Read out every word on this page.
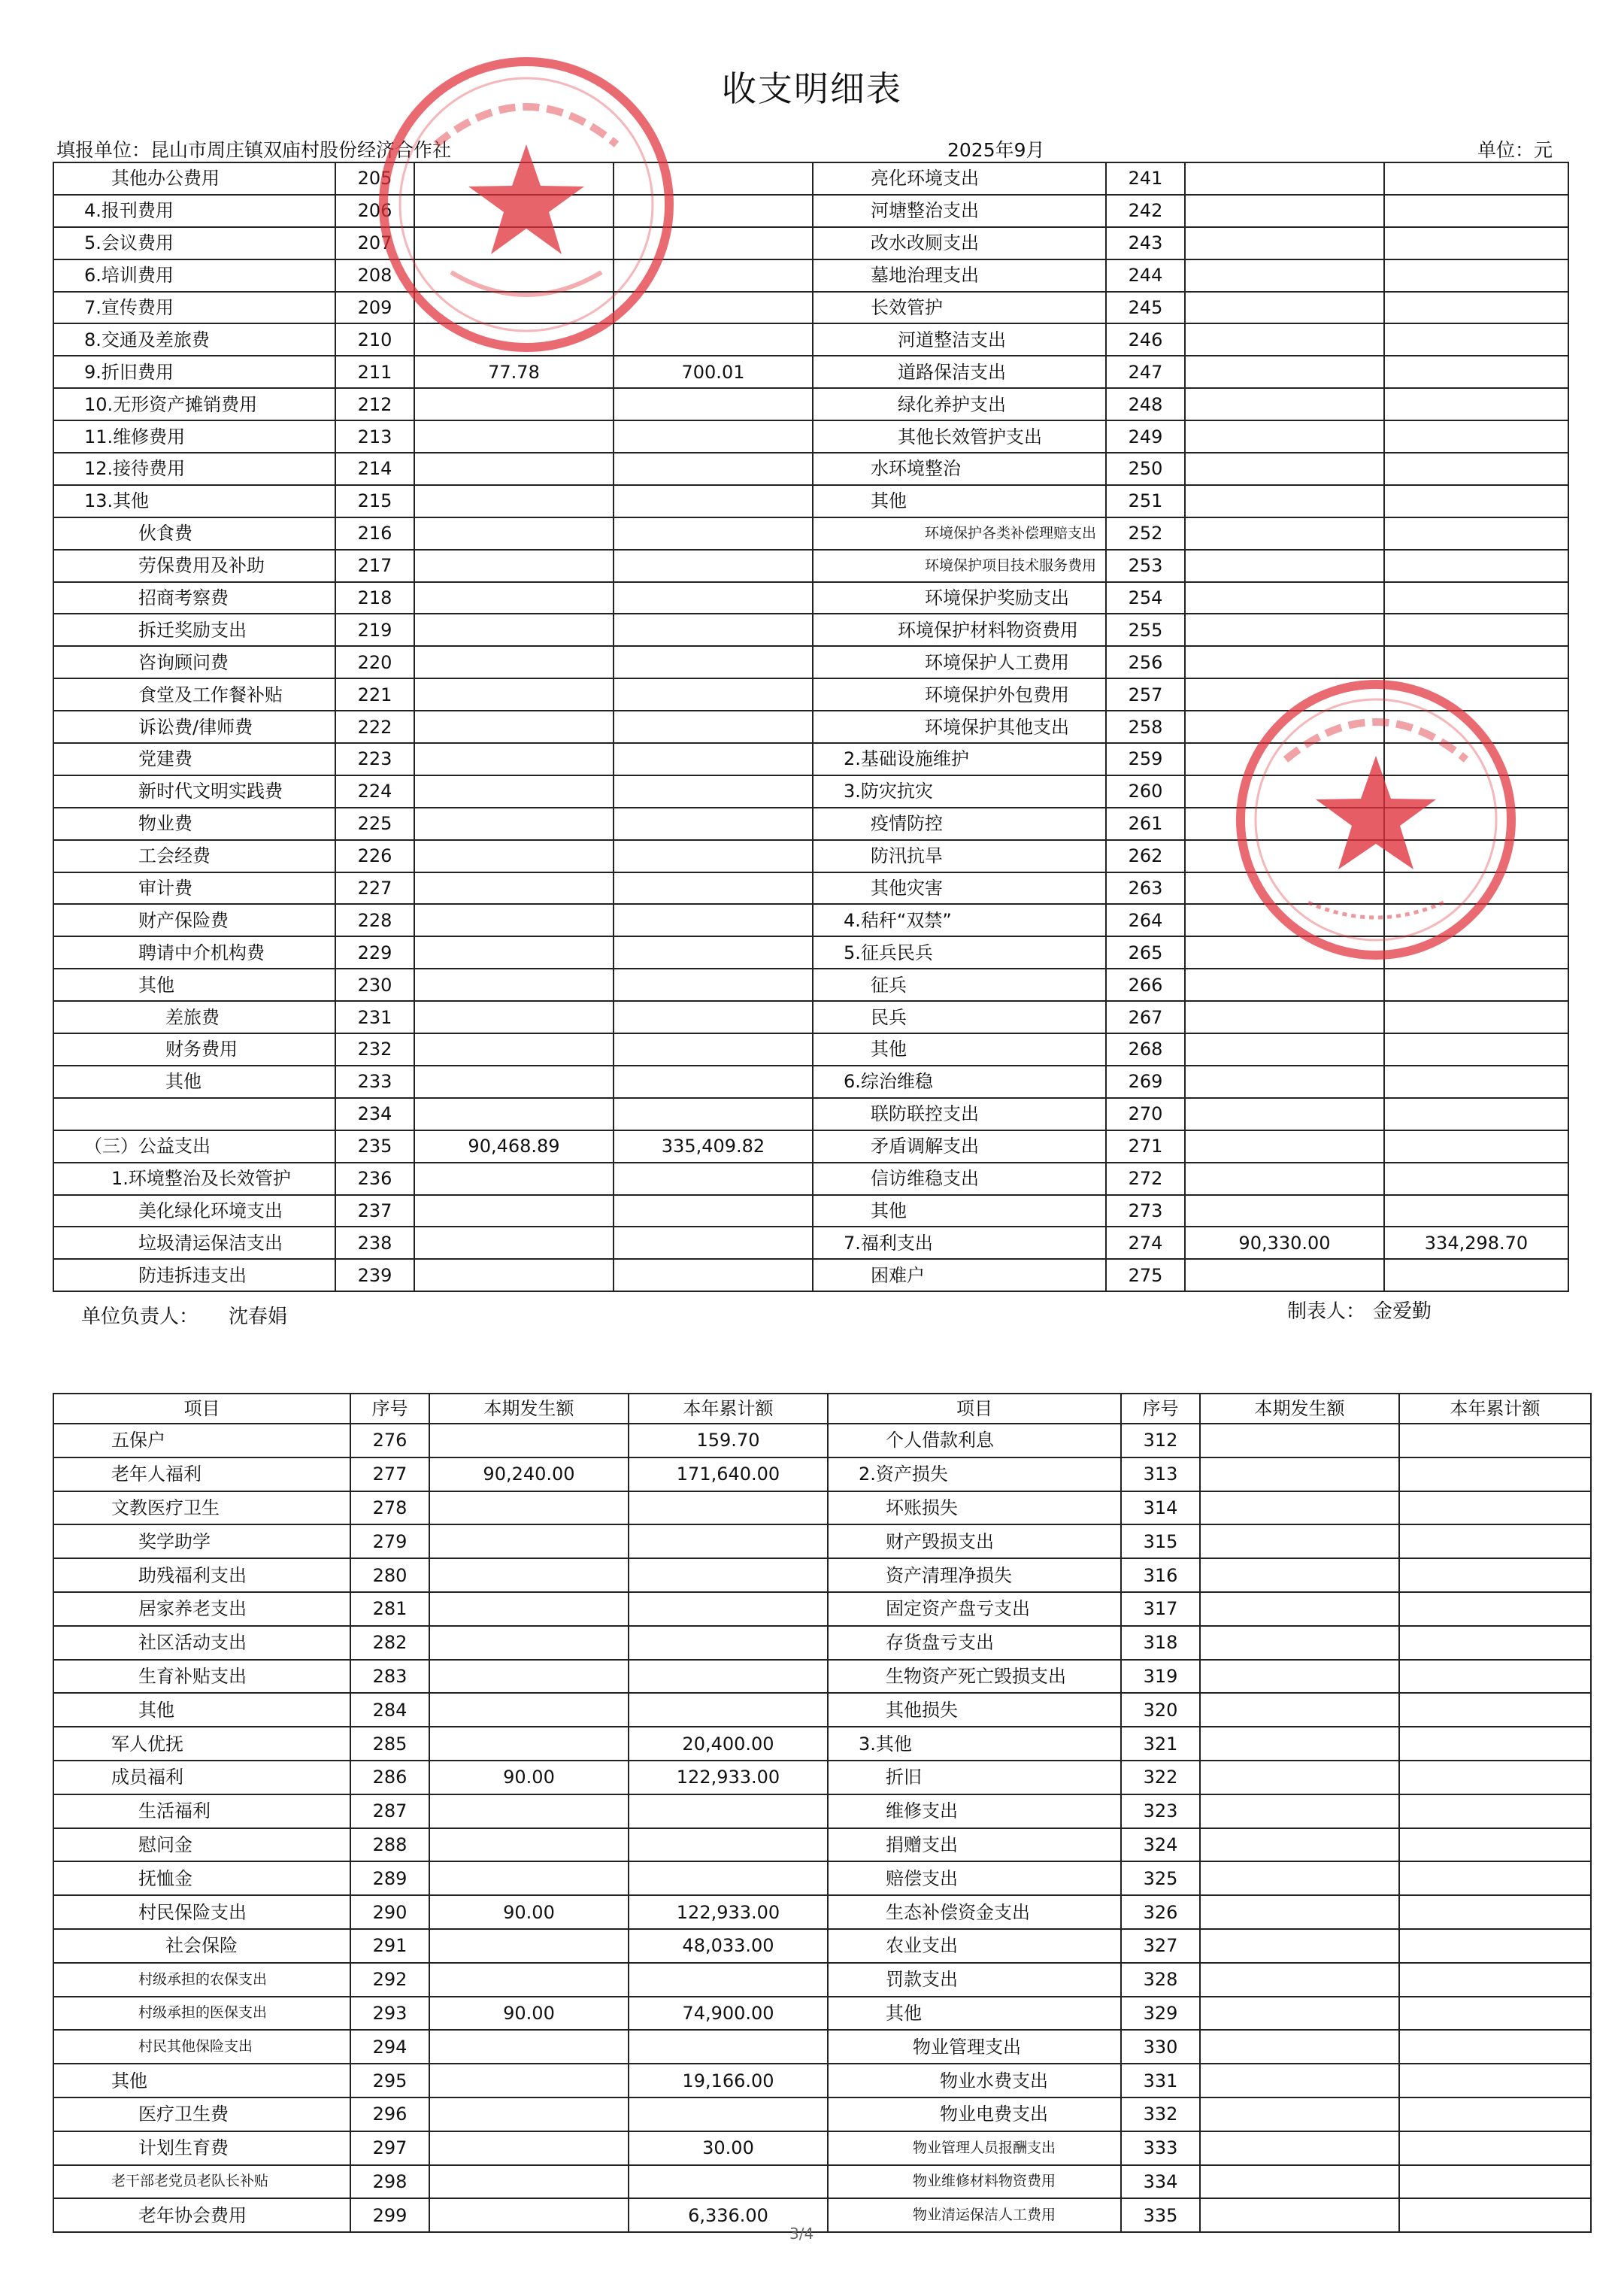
收支明细表
填报单位：昆山市周庄镇双庙村股份经济合作社	2025年9月	单位：元
其他办公费用	205			亮化环境支出	241		
4.报刊费用	206			河塘整治支出	242		
5.会议费用	207			改水改厕支出	243		
6.培训费用	208			墓地治理支出	244		
7.宣传费用	209			长效管护	245		
8.交通及差旅费	210			河道整洁支出	246		
9.折旧费用	211	77.78	700.01	道路保洁支出	247		
10.无形资产摊销费用	212			绿化养护支出	248		
11.维修费用	213			其他长效管护支出	249		
12.接待费用	214			水环境整治	250		
13.其他	215			其他	251		
伙食费	216			环境保护各类补偿理赔支出	252		
劳保费用及补助	217			环境保护项目技术服务费用	253		
招商考察费	218			环境保护奖励支出	254		
拆迁奖励支出	219			环境保护材料物资费用	255		
咨询顾问费	220			环境保护人工费用	256		
食堂及工作餐补贴	221			环境保护外包费用	257		
诉讼费/律师费	222			环境保护其他支出	258		
党建费	223			2.基础设施维护	259		
新时代文明实践费	224			3.防灾抗灾	260		
物业费	225			疫情防控	261		
工会经费	226			防汛抗旱	262		
审计费	227			其他灾害	263		
财产保险费	228			4.秸秆“双禁”	264		
聘请中介机构费	229			5.征兵民兵	265		
其他	230			征兵	266		
差旅费	231			民兵	267		
财务费用	232			其他	268		
其他	233			6.综治维稳	269		
	234			联防联控支出	270		
（三）公益支出	235	90,468.89	335,409.82	矛盾调解支出	271		
1.环境整治及长效管护	236			信访维稳支出	272		
美化绿化环境支出	237			其他	273		
垃圾清运保洁支出	238			7.福利支出	274	90,330.00	334,298.70
防违拆违支出	239			困难户	275		
单位负责人： 沈春娟	制表人： 金爱勤
项目	序号	本期发生额	本年累计额	项目	序号	本期发生额	本年累计额
五保户	276		159.70	个人借款利息	312		
老年人福利	277	90,240.00	171,640.00	2.资产损失	313		
文教医疗卫生	278			坏账损失	314		
奖学助学	279			财产毁损支出	315		
助残福利支出	280			资产清理净损失	316		
居家养老支出	281			固定资产盘亏支出	317		
社区活动支出	282			存货盘亏支出	318		
生育补贴支出	283			生物资产死亡毁损支出	319		
其他	284			其他损失	320		
军人优抚	285		20,400.00	3.其他	321		
成员福利	286	90.00	122,933.00	折旧	322		
生活福利	287			维修支出	323		
慰问金	288			捐赠支出	324		
抚恤金	289			赔偿支出	325		
村民保险支出	290	90.00	122,933.00	生态补偿资金支出	326		
社会保险	291		48,033.00	农业支出	327		
村级承担的农保支出	292			罚款支出	328		
村级承担的医保支出	293	90.00	74,900.00	其他	329		
村民其他保险支出	294			物业管理支出	330		
其他	295		19,166.00	物业水费支出	331		
医疗卫生费	296			物业电费支出	332		
计划生育费	297		30.00	物业管理人员报酬支出	333		
老干部老党员老队长补贴	298			物业维修材料物资费用	334		
老年协会费用	299		6,336.00	物业清运保洁人工费用	335		
3/4
